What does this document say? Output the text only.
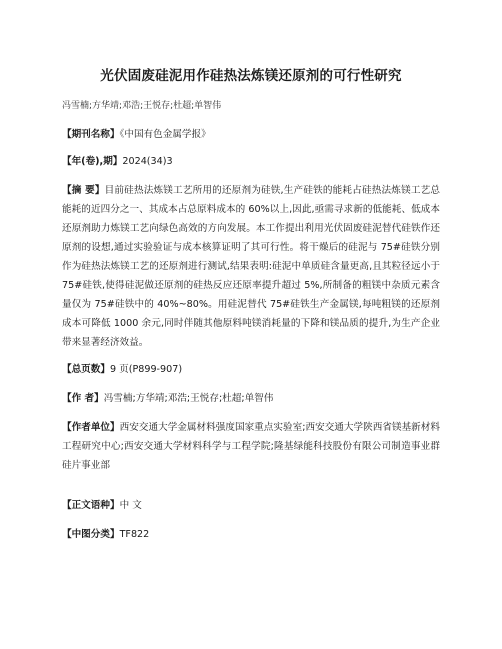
光伏固废硅泥用作硅热法炼镁还原剂的可行性研究
冯雪楠;方华靖;邓浩;王悦存;杜超;单智伟
【期刊名称】《中国有色金属学报》
【年(卷),期】2024(34)3
【摘 要】目前硅热法炼镁工艺所用的还原剂为硅铁,生产硅铁的能耗占硅热法炼镁工艺总能耗的近四分之一、其成本占总原料成本的 60%以上,因此,亟需寻求新的低能耗、低成本还原剂助力炼镁工艺向绿色高效的方向发展。本工作提出利用光伏固废硅泥替代硅铁作还原剂的设想,通过实验验证与成本核算证明了其可行性。将干燥后的硅泥与 75#硅铁分别作为硅热法炼镁工艺的还原剂进行测试,结果表明:硅泥中单质硅含量更高,且其粒径远小于 75#硅铁,使得硅泥做还原剂的硅热反应还原率提升超过 5%,所制备的粗镁中杂质元素含量仅为 75#硅铁中的 40%~80%。用硅泥替代 75#硅铁生产金属镁,每吨粗镁的还原剂成本可降低 1000 余元,同时伴随其他原料吨镁消耗量的下降和镁品质的提升,为生产企业带来显著经济效益。
【总页数】9 页(P899-907)
【作 者】冯雪楠;方华靖;邓浩;王悦存;杜超;单智伟
【作者单位】西安交通大学金属材料强度国家重点实验室;西安交通大学陕西省镁基新材料工程研究中心;西安交通大学材料科学与工程学院;隆基绿能科技股份有限公司制造事业群硅片事业部
【正文语种】中 文
【中图分类】TF822
